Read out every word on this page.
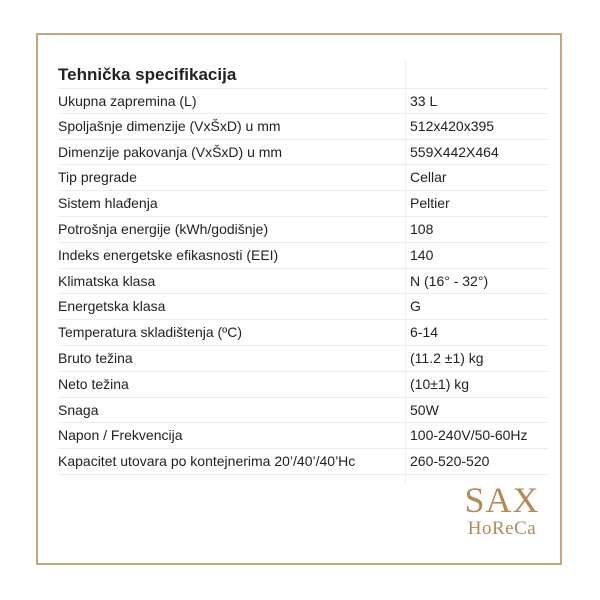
Tehnička specifikacija
Ukupna zapremina (L)	33 L
Spoljašnje dimenzije (VxŠxD) u mm	512x420x395
Dimenzije pakovanja (VxŠxD) u mm	559X442X464
Tip pregrade	Cellar
Sistem hlađenja	Peltier
Potrošnja energije (kWh/godišnje)	108
Indeks energetske efikasnosti (EEI)	140
Klimatska klasa	N (16° - 32°)
Energetska klasa	G
Temperatura skladištenja (ºC)	6-14
Bruto težina	(11.2 ±1) kg
Neto težina	(10±1) kg
Snaga	50W
Napon / Frekvencija	100-240V/50-60Hz
Kapacitet utovara po kontejnerima 20’/40’/40’Hc	260-520-520
SAX
HoReCa
